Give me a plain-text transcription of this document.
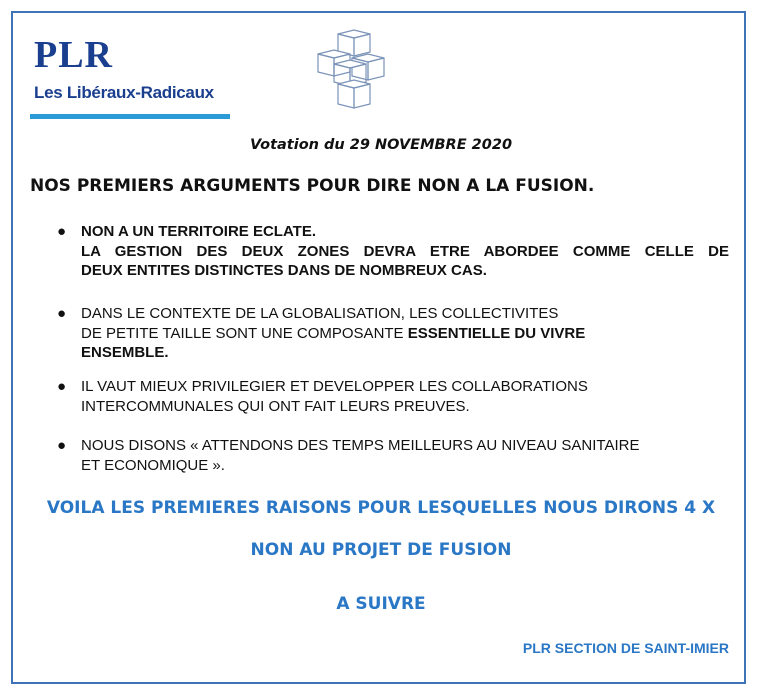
PLR
Les Libéraux-Radicaux
Votation du 29 NOVEMBRE 2020
NOS PREMIERS ARGUMENTS POUR DIRE NON A LA FUSION.
● NON A UN TERRITOIRE ECLATE.
LA GESTION DES DEUX ZONES DEVRA ETRE ABORDEE COMME CELLE DE
DEUX ENTITES DISTINCTES DANS DE NOMBREUX CAS.
● DANS LE CONTEXTE DE LA GLOBALISATION, LES COLLECTIVITES
DE PETITE TAILLE SONT UNE COMPOSANTE ESSENTIELLE DU VIVRE
ENSEMBLE.
● IL VAUT MIEUX PRIVILEGIER ET DEVELOPPER LES COLLABORATIONS
INTERCOMMUNALES QUI ONT FAIT LEURS PREUVES.
● NOUS DISONS « ATTENDONS DES TEMPS MEILLEURS AU NIVEAU SANITAIRE
ET ECONOMIQUE ».
VOILA LES PREMIERES RAISONS POUR LESQUELLES NOUS DIRONS 4 X
NON AU PROJET DE FUSION
A SUIVRE
PLR SECTION DE SAINT-IMIER
